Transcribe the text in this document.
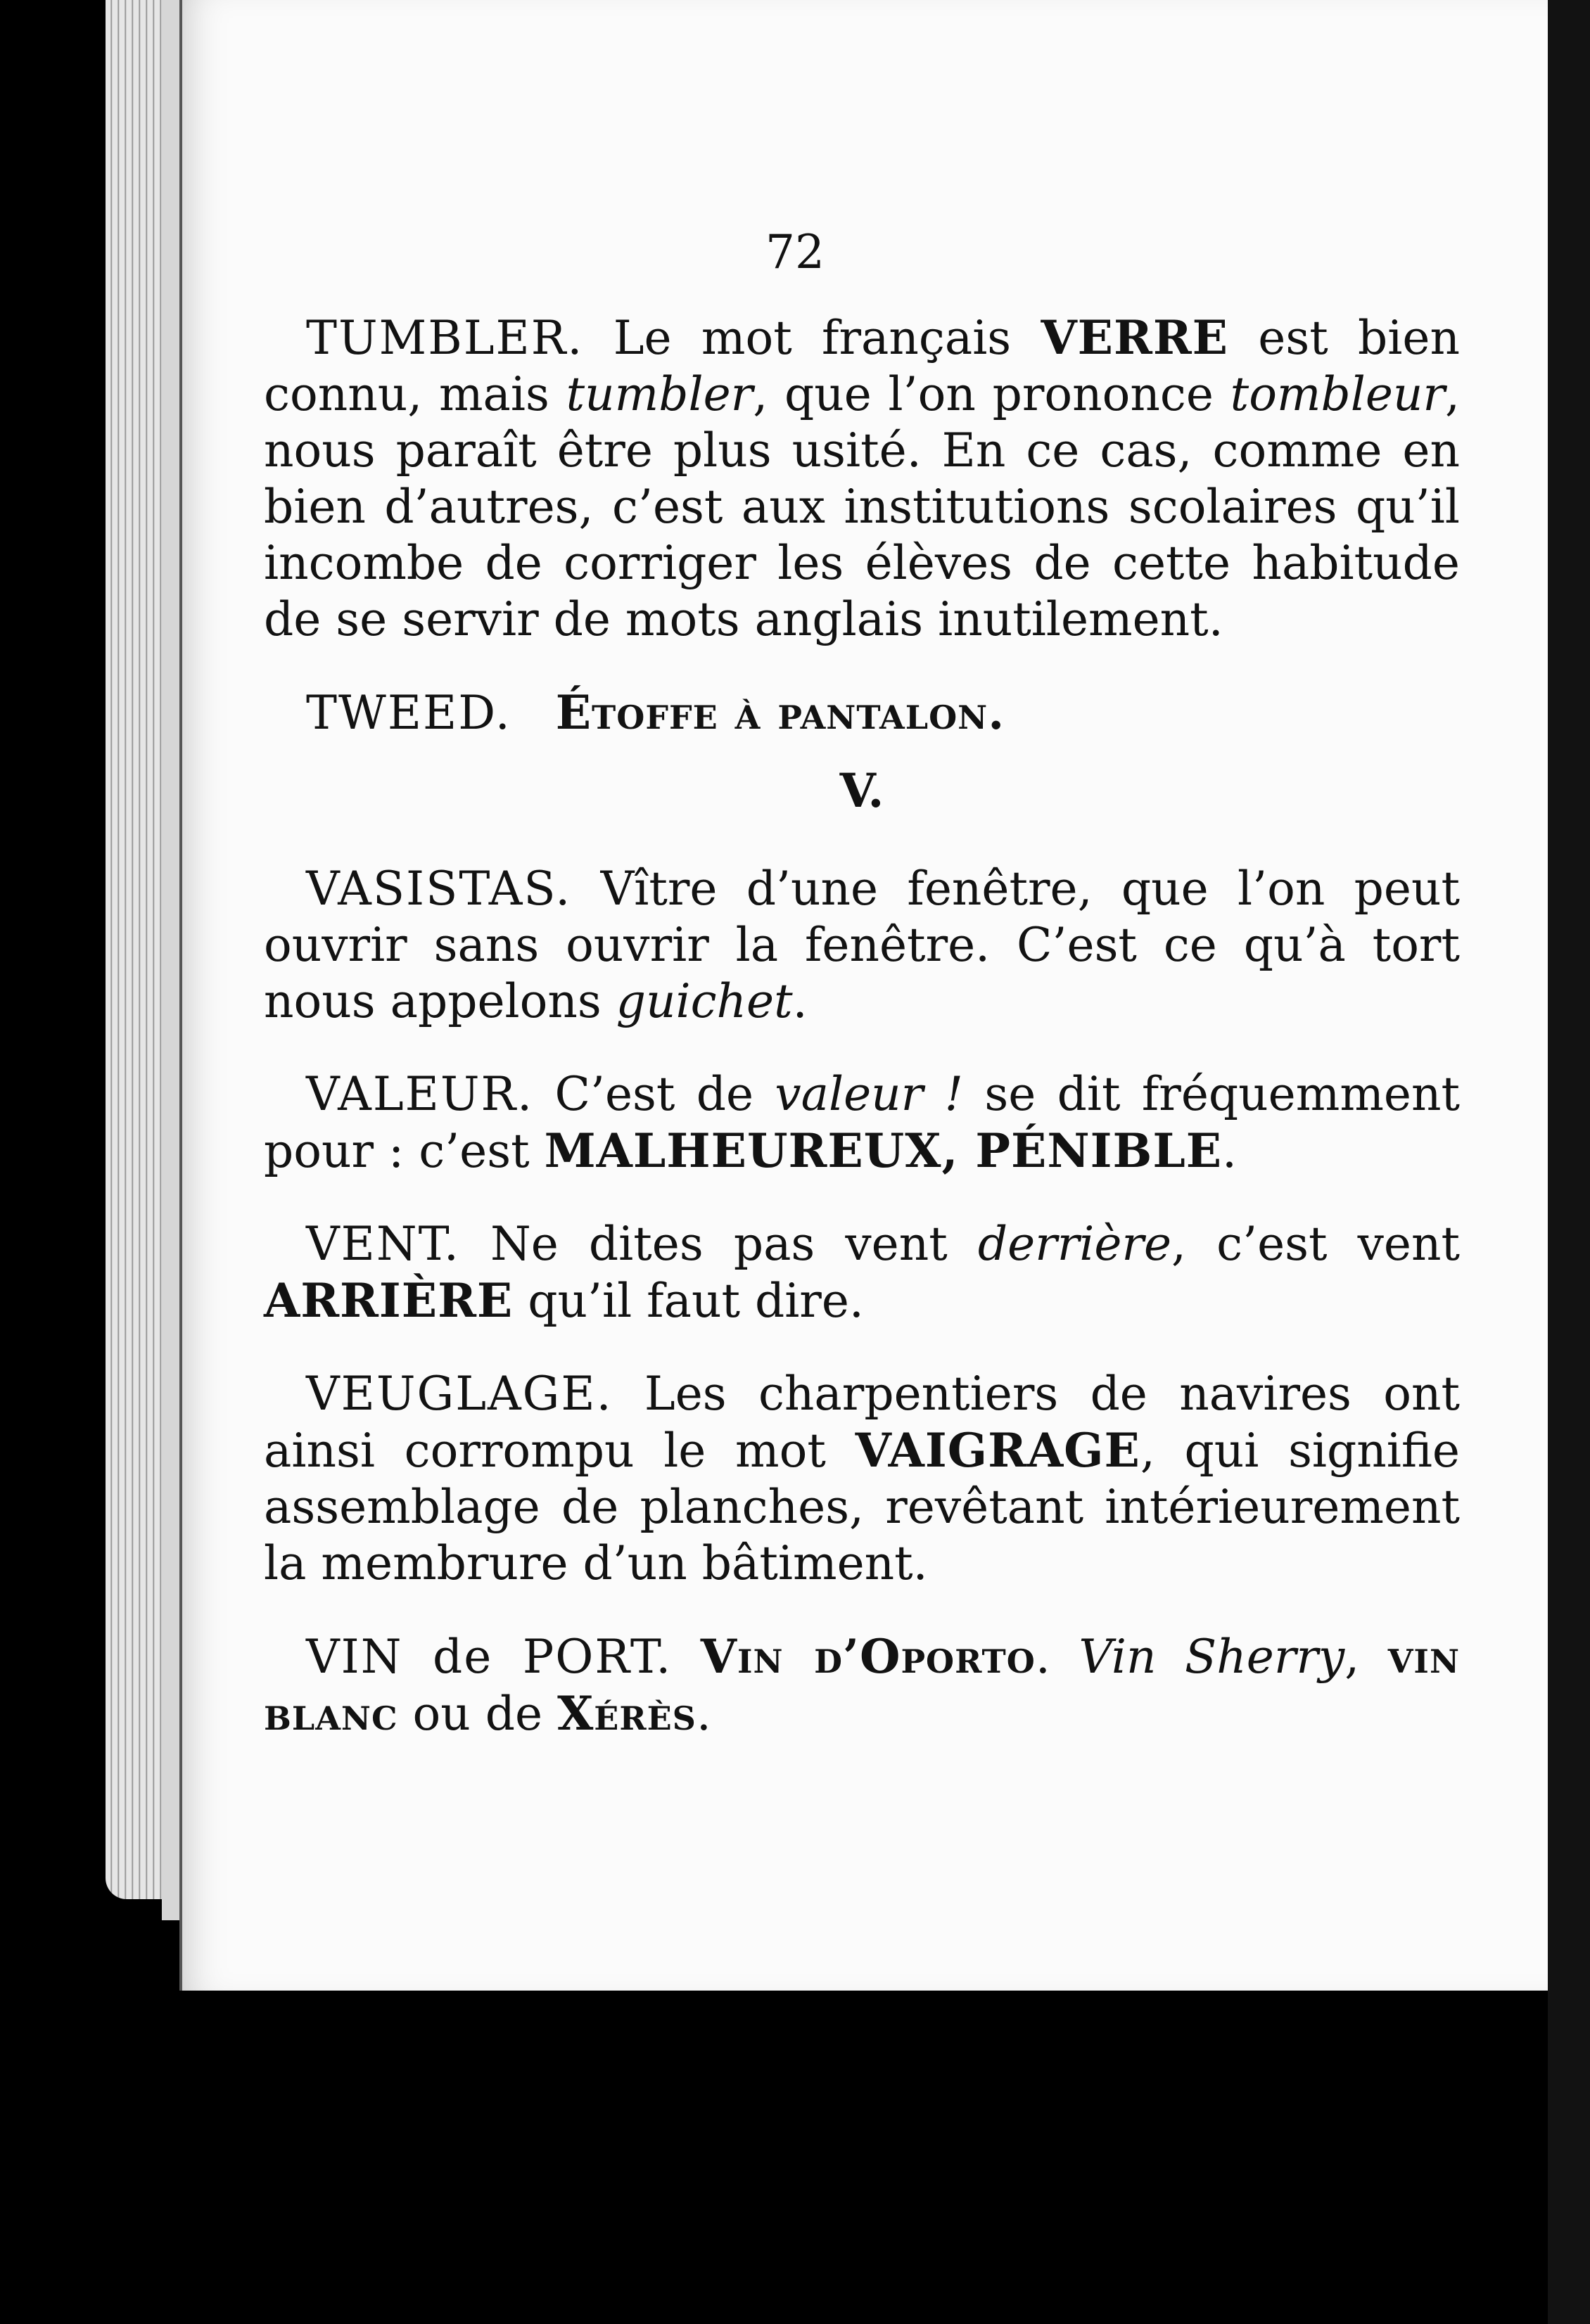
72

TUMBLER. Le mot français VERRE est bien connu, mais tumbler, que l’on prononce tombleur, nous paraît être plus usité. En ce cas, comme en bien d’autres, c’est aux institutions scolaires qu’il incombe de corriger les élèves de cette habitude de se servir de mots anglais inutilement.

TWEED. Étoffe à pantalon.

V.

VASISTAS. Vître d’une fenêtre, que l’on peut ouvrir sans ouvrir la fenêtre. C’est ce qu’à tort nous appelons guichet.

VALEUR. C’est de valeur ! se dit fréquemment pour : c’est MALHEUREUX, PÉNIBLE.

VENT. Ne dites pas vent derrière, c’est vent ARRIÈRE qu’il faut dire.

VEUGLAGE. Les charpentiers de navires ont ainsi corrompu le mot VAIGRAGE, qui signifie assemblage de planches, revêtant intérieurement la membrure d’un bâtiment.

VIN de PORT. Vin d’Oporto. Vin Sherry, vin blanc ou de Xérès.
